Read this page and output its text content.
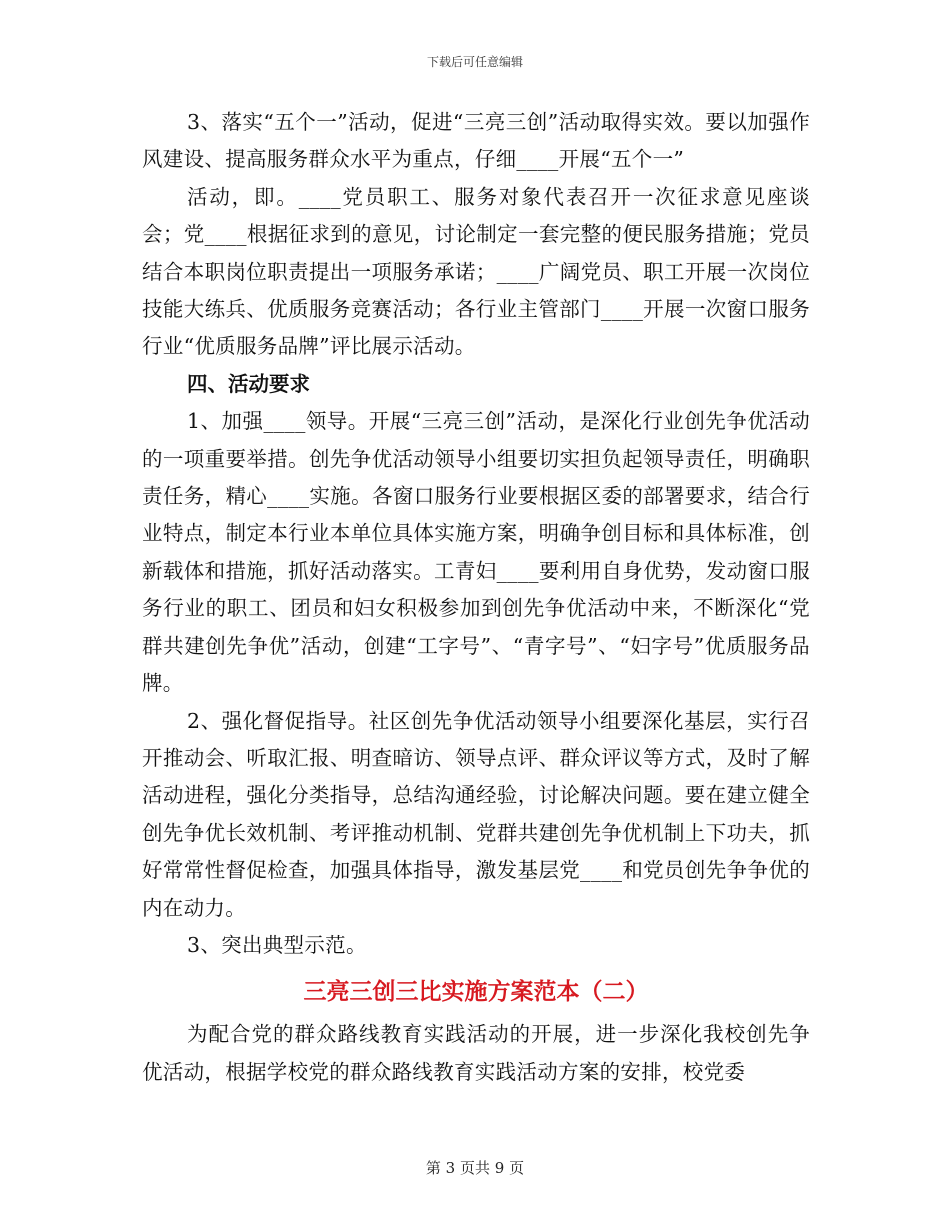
下载后可任意编辑

3、落实“五个一”活动，促进“三亮三创”活动取得实效。要以加强作风建设、提高服务群众水平为重点，仔细____开展“五个一”

活动，即。____党员职工、服务对象代表召开一次征求意见座谈会；党____根据征求到的意见，讨论制定一套完整的便民服务措施；党员结合本职岗位职责提出一项服务承诺；____广阔党员、职工开展一次岗位技能大练兵、优质服务竞赛活动；各行业主管部门____开展一次窗口服务行业“优质服务品牌”评比展示活动。

四、活动要求

1、加强____领导。开展“三亮三创”活动，是深化行业创先争优活动的一项重要举措。创先争优活动领导小组要切实担负起领导责任，明确职责任务，精心____实施。各窗口服务行业要根据区委的部署要求，结合行业特点，制定本行业本单位具体实施方案，明确争创目标和具体标准，创新载体和措施，抓好活动落实。工青妇____要利用自身优势，发动窗口服务行业的职工、团员和妇女积极参加到创先争优活动中来，不断深化“党群共建创先争优”活动，创建“工字号”、“青字号”、“妇字号”优质服务品牌。

2、强化督促指导。社区创先争优活动领导小组要深化基层，实行召开推动会、听取汇报、明查暗访、领导点评、群众评议等方式，及时了解活动进程，强化分类指导，总结沟通经验，讨论解决问题。要在建立健全创先争优长效机制、考评推动机制、党群共建创先争优机制上下功夫，抓好常常性督促检查，加强具体指导，激发基层党____和党员创先争争优的内在动力。

3、突出典型示范。

三亮三创三比实施方案范本（二）

为配合党的群众路线教育实践活动的开展，进一步深化我校创先争优活动，根据学校党的群众路线教育实践活动方案的安排，校党委

第 3 页共 9 页
